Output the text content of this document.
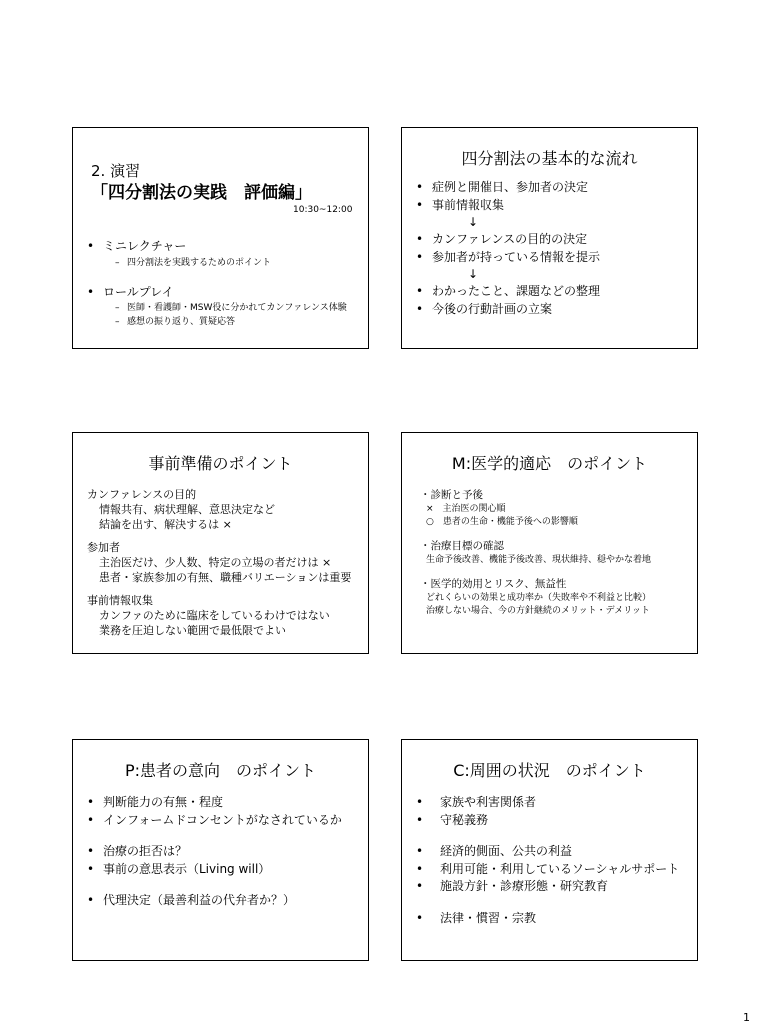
2. 演習
「四分割法の実践　評価編」
10:30~12:00
• ミニレクチャー
– 四分割法を実践するためのポイント
• ロールプレイ
– 医師・看護師・MSW役に分かれてカンファレンス体験
– 感想の振り返り、質疑応答
四分割法の基本的な流れ
• 症例と開催日、参加者の決定
• 事前情報収集
↓
• カンファレンスの目的の決定
• 参加者が持っている情報を提示
↓
• わかったこと、課題などの整理
• 今後の行動計画の立案
事前準備のポイント
カンファレンスの目的
情報共有、病状理解、意思決定など
結論を出す、解決するは ×
参加者
主治医だけ、少人数、特定の立場の者だけは ×
患者・家族参加の有無、職種バリエーションは重要
事前情報収集
カンファのために臨床をしているわけではない
業務を圧迫しない範囲で最低限でよい
M:医学的適応　のポイント
・診断と予後
×　主治医の関心順
○　患者の生命・機能予後への影響順
・治療目標の確認
生命予後改善、機能予後改善、現状維持、穏やかな着地
・医学的効用とリスク、無益性
どれくらいの効果と成功率か（失敗率や不利益と比較）
治療しない場合、今の方針継続のメリット・デメリット
P:患者の意向　のポイント
• 判断能力の有無・程度
• インフォームドコンセントがなされているか
• 治療の拒否は？
• 事前の意思表示（Living will）
• 代理決定（最善利益の代弁者か？）
C:周囲の状況　のポイント
• 家族や利害関係者
• 守秘義務
• 経済的側面、公共の利益
• 利用可能・利用しているソーシャルサポート
• 施設方針・診療形態・研究教育
• 法律・慣習・宗教
1
